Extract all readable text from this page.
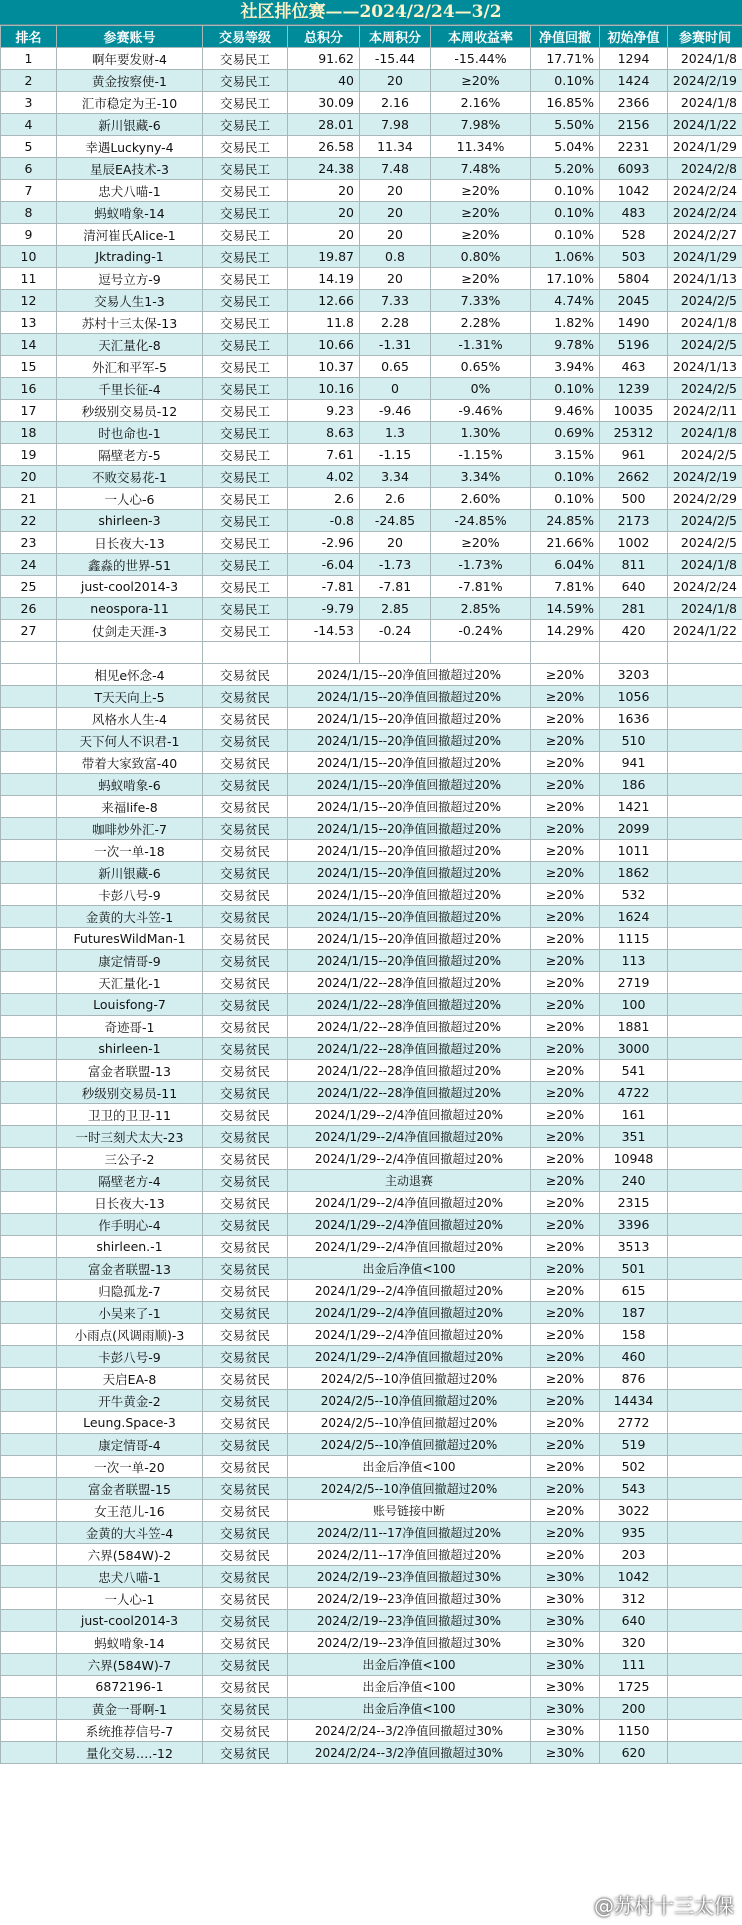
社区排位赛——2024/2/24—3/2
排名	参赛账号	交易等级	总积分	本周积分	本周收益率	净值回撤	初始净值	参赛时间
1	啊年要发财-4	交易民工	91.62	-15.44	-15.44%	17.71%	1294	2024/1/8
2	黄金按察使-1	交易民工	40	20	≥20%	0.10%	1424	2024/2/19
3	汇市稳定为王-10	交易民工	30.09	2.16	2.16%	16.85%	2366	2024/1/8
4	新川银藏-6	交易民工	28.01	7.98	7.98%	5.50%	2156	2024/1/22
5	幸遇Luckyny-4	交易民工	26.58	11.34	11.34%	5.04%	2231	2024/1/29
6	星辰EA技术-3	交易民工	24.38	7.48	7.48%	5.20%	6093	2024/2/8
7	忠犬八喵-1	交易民工	20	20	≥20%	0.10%	1042	2024/2/24
8	蚂蚁啃象-14	交易民工	20	20	≥20%	0.10%	483	2024/2/24
9	清河崔氏Alice-1	交易民工	20	20	≥20%	0.10%	528	2024/2/27
10	Jktrading-1	交易民工	19.87	0.8	0.80%	1.06%	503	2024/1/29
11	逗号立方-9	交易民工	14.19	20	≥20%	17.10%	5804	2024/1/13
12	交易人生1-3	交易民工	12.66	7.33	7.33%	4.74%	2045	2024/2/5
13	苏村十三太保-13	交易民工	11.8	2.28	2.28%	1.82%	1490	2024/1/8
14	天汇量化-8	交易民工	10.66	-1.31	-1.31%	9.78%	5196	2024/2/5
15	外汇和平军-5	交易民工	10.37	0.65	0.65%	3.94%	463	2024/1/13
16	千里长征-4	交易民工	10.16	0	0%	0.10%	1239	2024/2/5
17	秒级别交易员-12	交易民工	9.23	-9.46	-9.46%	9.46%	10035	2024/2/11
18	时也命也-1	交易民工	8.63	1.3	1.30%	0.69%	25312	2024/1/8
19	隔壁老方-5	交易民工	7.61	-1.15	-1.15%	3.15%	961	2024/2/5
20	不败交易花-1	交易民工	4.02	3.34	3.34%	0.10%	2662	2024/2/19
21	一人心-6	交易民工	2.6	2.6	2.60%	0.10%	500	2024/2/29
22	shirleen-3	交易民工	-0.8	-24.85	-24.85%	24.85%	2173	2024/2/5
23	日长夜大-13	交易民工	-2.96	20	≥20%	21.66%	1002	2024/2/5
24	鑫淼的世界-51	交易民工	-6.04	-1.73	-1.73%	6.04%	811	2024/1/8
25	just-cool2014-3	交易民工	-7.81	-7.81	-7.81%	7.81%	640	2024/2/24
26	neospora-11	交易民工	-9.79	2.85	2.85%	14.59%	281	2024/1/8
27	仗剑走天涯-3	交易民工	-14.53	-0.24	-0.24%	14.29%	420	2024/1/22

	相见e怀念-4	交易贫民	2024/1/15--20净值回撤超过20%			≥20%	3203	
	T天天向上-5	交易贫民	2024/1/15--20净值回撤超过20%			≥20%	1056	
	风格水人生-4	交易贫民	2024/1/15--20净值回撤超过20%			≥20%	1636	
	天下何人不识君-1	交易贫民	2024/1/15--20净值回撤超过20%			≥20%	510	
	带着大家致富-40	交易贫民	2024/1/15--20净值回撤超过20%			≥20%	941	
	蚂蚁啃象-6	交易贫民	2024/1/15--20净值回撤超过20%			≥20%	186	
	来福life-8	交易贫民	2024/1/15--20净值回撤超过20%			≥20%	1421	
	咖啡炒外汇-7	交易贫民	2024/1/15--20净值回撤超过20%			≥20%	2099	
	一次一单-18	交易贫民	2024/1/15--20净值回撤超过20%			≥20%	1011	
	新川银藏-6	交易贫民	2024/1/15--20净值回撤超过20%			≥20%	1862	
	卡彭八号-9	交易贫民	2024/1/15--20净值回撤超过20%			≥20%	532	
	金黄的大斗笠-1	交易贫民	2024/1/15--20净值回撤超过20%			≥20%	1624	
	FuturesWildMan-1	交易贫民	2024/1/15--20净值回撤超过20%			≥20%	1115	
	康定情哥-9	交易贫民	2024/1/15--20净值回撤超过20%			≥20%	113	
	天汇量化-1	交易贫民	2024/1/22--28净值回撤超过20%			≥20%	2719	
	Louisfong-7	交易贫民	2024/1/22--28净值回撤超过20%			≥20%	100	
	奇迹哥-1	交易贫民	2024/1/22--28净值回撤超过20%			≥20%	1881	
	shirleen-1	交易贫民	2024/1/22--28净值回撤超过20%			≥20%	3000	
	富金者联盟-13	交易贫民	2024/1/22--28净值回撤超过20%			≥20%	541	
	秒级别交易员-11	交易贫民	2024/1/22--28净值回撤超过20%			≥20%	4722	
	卫卫的卫卫-11	交易贫民	2024/1/29--2/4净值回撤超过20%			≥20%	161	
	一时三刻犬太大-23	交易贫民	2024/1/29--2/4净值回撤超过20%			≥20%	351	
	三公子-2	交易贫民	2024/1/29--2/4净值回撤超过20%			≥20%	10948	
	隔壁老方-4	交易贫民	主动退赛			≥20%	240	
	日长夜大-13	交易贫民	2024/1/29--2/4净值回撤超过20%			≥20%	2315	
	作手明心-4	交易贫民	2024/1/29--2/4净值回撤超过20%			≥20%	3396	
	shirleen.-1	交易贫民	2024/1/29--2/4净值回撤超过20%			≥20%	3513	
	富金者联盟-13	交易贫民	出金后净值<100			≥20%	501	
	归隐孤龙-7	交易贫民	2024/1/29--2/4净值回撤超过20%			≥20%	615	
	小吴来了-1	交易贫民	2024/1/29--2/4净值回撤超过20%			≥20%	187	
	小雨点(风调雨顺)-3	交易贫民	2024/1/29--2/4净值回撤超过20%			≥20%	158	
	卡彭八号-9	交易贫民	2024/1/29--2/4净值回撤超过20%			≥20%	460	
	天启EA-8	交易贫民	2024/2/5--10净值回撤超过20%			≥20%	876	
	开牛黄金-2	交易贫民	2024/2/5--10净值回撤超过20%			≥20%	14434	
	Leung.Space-3	交易贫民	2024/2/5--10净值回撤超过20%			≥20%	2772	
	康定情哥-4	交易贫民	2024/2/5--10净值回撤超过20%			≥20%	519	
	一次一单-20	交易贫民	出金后净值<100			≥20%	502	
	富金者联盟-15	交易贫民	2024/2/5--10净值回撤超过20%			≥20%	543	
	女王范儿-16	交易贫民	账号链接中断			≥20%	3022	
	金黄的大斗笠-4	交易贫民	2024/2/11--17净值回撤超过20%			≥20%	935	
	六界(584W)-2	交易贫民	2024/2/11--17净值回撤超过20%			≥20%	203	
	忠犬八喵-1	交易贫民	2024/2/19--23净值回撤超过30%			≥30%	1042	
	一人心-1	交易贫民	2024/2/19--23净值回撤超过30%			≥30%	312	
	just-cool2014-3	交易贫民	2024/2/19--23净值回撤超过30%			≥30%	640	
	蚂蚁啃象-14	交易贫民	2024/2/19--23净值回撤超过30%			≥30%	320	
	六界(584W)-7	交易贫民	出金后净值<100			≥30%	111	
	6872196-1	交易贫民	出金后净值<100			≥30%	1725	
	黄金一哥啊-1	交易贫民	出金后净值<100			≥30%	200	
	系统推荐信号-7	交易贫民	2024/2/24--3/2净值回撤超过30%			≥30%	1150	
	量化交易.…-12	交易贫民	2024/2/24--3/2净值回撤超过30%			≥30%	620	
@苏村十三太保
